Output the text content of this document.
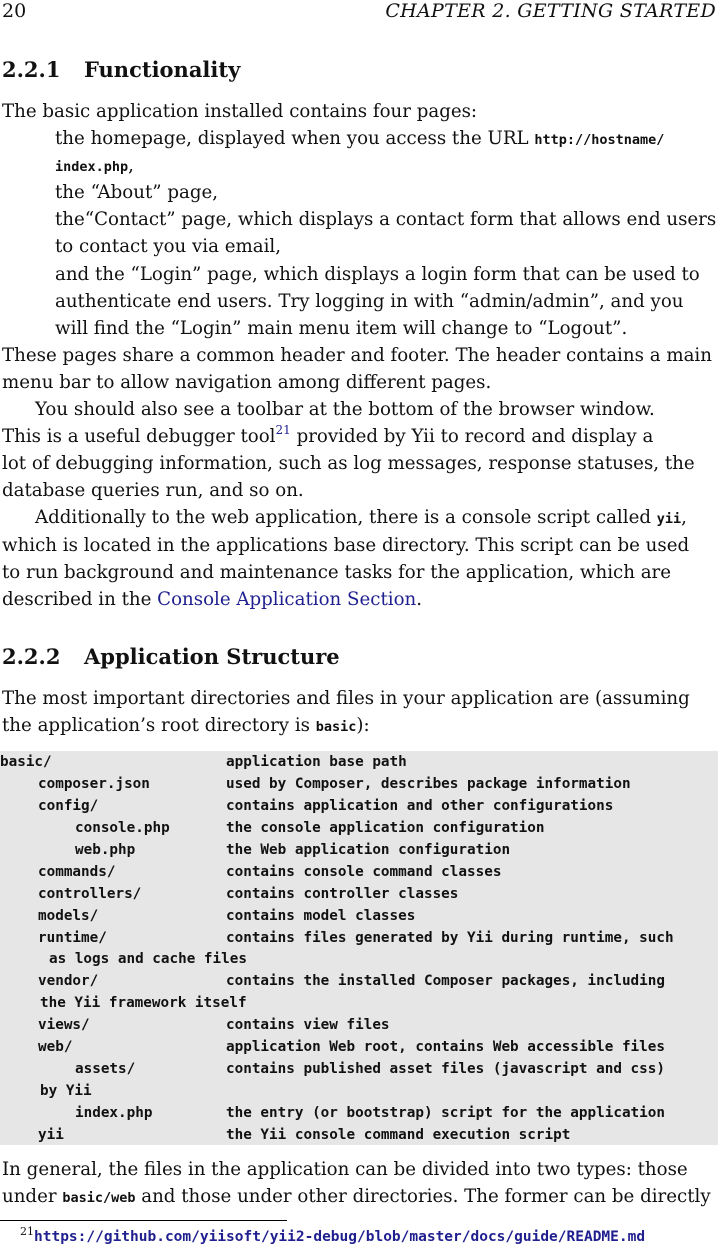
20	CHAPTER 2. GETTING STARTED
2.2.1 Functionality
The basic application installed contains four pages:
the homepage, displayed when you access the URL http://hostname/
index.php,
the “About” page,
the“Contact” page, which displays a contact form that allows end users
to contact you via email,
and the “Login” page, which displays a login form that can be used to
authenticate end users. Try logging in with “admin/admin”, and you
will find the “Login” main menu item will change to “Logout”.
These pages share a common header and footer. The header contains a main
menu bar to allow navigation among different pages.
You should also see a toolbar at the bottom of the browser window.
This is a useful debugger tool$^{21}$ provided by Yii to record and display a
lot of debugging information, such as log messages, response statuses, the
database queries run, and so on.
Additionally to the web application, there is a console script called yii,
which is located in the applications base directory. This script can be used
to run background and maintenance tasks for the application, which are
described in the Console Application Section.
2.2.2 Application Structure
The most important directories and files in your application are (assuming
the application’s root directory is basic):
basic/	application base path
composer.json	used by Composer, describes package information
config/	contains application and other configurations
console.php	the console application configuration
web.php	the Web application configuration
commands/	contains console command classes
controllers/	contains controller classes
models/	contains model classes
runtime/	contains files generated by Yii during runtime, such
as logs and cache files
vendor/	contains the installed Composer packages, including
the Yii framework itself
views/	contains view files
web/	application Web root, contains Web accessible files
assets/	contains published asset files (javascript and css)
by Yii
index.php	the entry (or bootstrap) script for the application
yii	the Yii console command execution script
In general, the files in the application can be divided into two types: those
under basic/web and those under other directories. The former can be directly
$^{21}$https://github.com/yiisoft/yii2-debug/blob/master/docs/guide/README.md
